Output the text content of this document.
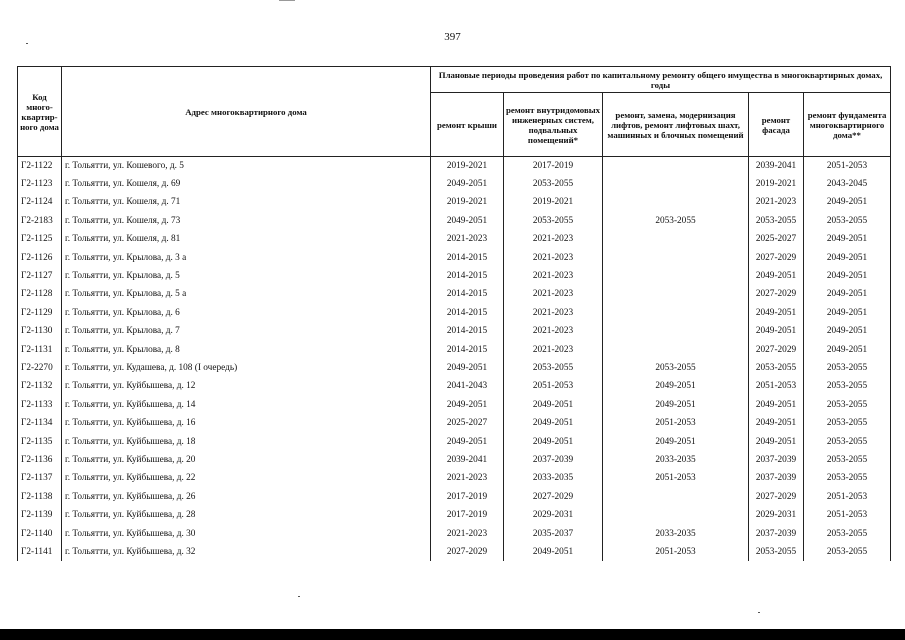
397
Код много-квартир-ного дома	Адрес многоквартирного дома	Плановые периоды проведения работ по капитальному ремонту общего имущества в многоквартирных домах, годы				
		ремонт крыши	ремонт внутридомовых инженерных систем, подвальных помещений*	ремонт, замена, модернизация лифтов, ремонт лифтовых шахт, машинных и блочных помещений	ремонт фасада	ремонт фундамента многоквартирного дома**
Г2-1122	г. Тольятти, ул. Кошевого, д. 5	2019-2021	2017-2019		2039-2041	2051-2053
Г2-1123	г. Тольятти, ул. Кошеля, д. 69	2049-2051	2053-2055		2019-2021	2043-2045
Г2-1124	г. Тольятти, ул. Кошеля, д. 71	2019-2021	2019-2021		2021-2023	2049-2051
Г2-2183	г. Тольятти, ул. Кошеля, д. 73	2049-2051	2053-2055	2053-2055	2053-2055	2053-2055
Г2-1125	г. Тольятти, ул. Кошеля, д. 81	2021-2023	2021-2023		2025-2027	2049-2051
Г2-1126	г. Тольятти, ул. Крылова, д. 3 а	2014-2015	2021-2023		2027-2029	2049-2051
Г2-1127	г. Тольятти, ул. Крылова, д. 5	2014-2015	2021-2023		2049-2051	2049-2051
Г2-1128	г. Тольятти, ул. Крылова, д. 5 а	2014-2015	2021-2023		2027-2029	2049-2051
Г2-1129	г. Тольятти, ул. Крылова, д. 6	2014-2015	2021-2023		2049-2051	2049-2051
Г2-1130	г. Тольятти, ул. Крылова, д. 7	2014-2015	2021-2023		2049-2051	2049-2051
Г2-1131	г. Тольятти, ул. Крылова, д. 8	2014-2015	2021-2023		2027-2029	2049-2051
Г2-2270	г. Тольятти, ул. Кудашева, д. 108 (I очередь)	2049-2051	2053-2055	2053-2055	2053-2055	2053-2055
Г2-1132	г. Тольятти, ул. Куйбышева, д. 12	2041-2043	2051-2053	2049-2051	2051-2053	2053-2055
Г2-1133	г. Тольятти, ул. Куйбышева, д. 14	2049-2051	2049-2051	2049-2051	2049-2051	2053-2055
Г2-1134	г. Тольятти, ул. Куйбышева, д. 16	2025-2027	2049-2051	2051-2053	2049-2051	2053-2055
Г2-1135	г. Тольятти, ул. Куйбышева, д. 18	2049-2051	2049-2051	2049-2051	2049-2051	2053-2055
Г2-1136	г. Тольятти, ул. Куйбышева, д. 20	2039-2041	2037-2039	2033-2035	2037-2039	2053-2055
Г2-1137	г. Тольятти, ул. Куйбышева, д. 22	2021-2023	2033-2035	2051-2053	2037-2039	2053-2055
Г2-1138	г. Тольятти, ул. Куйбышева, д. 26	2017-2019	2027-2029		2027-2029	2051-2053
Г2-1139	г. Тольятти, ул. Куйбышева, д. 28	2017-2019	2029-2031		2029-2031	2051-2053
Г2-1140	г. Тольятти, ул. Куйбышева, д. 30	2021-2023	2035-2037	2033-2035	2037-2039	2053-2055
Г2-1141	г. Тольятти, ул. Куйбышева, д. 32	2027-2029	2049-2051	2051-2053	2053-2055	2053-2055
